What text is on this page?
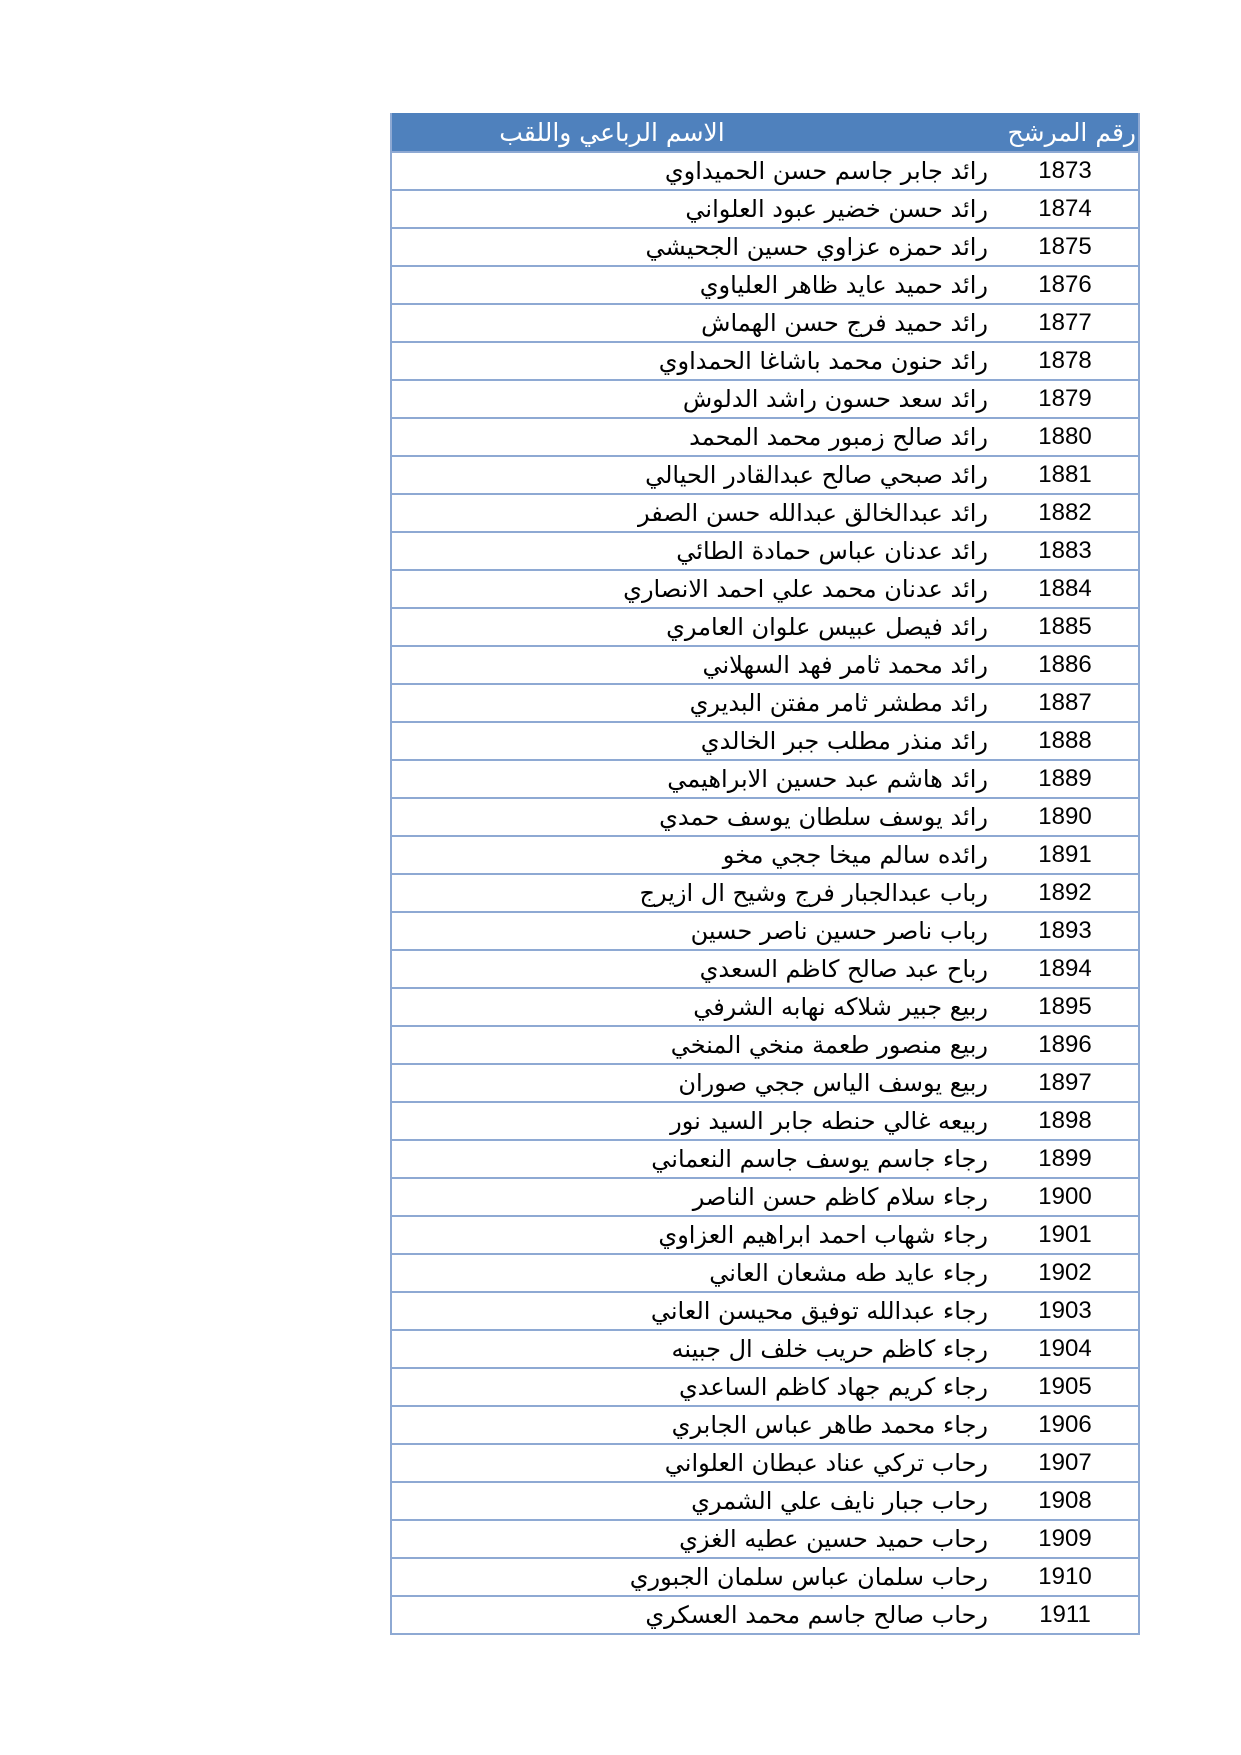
الاسم الرباعي واللقب	رقم المرشح
رائد جابر جاسم حسن الحميداوي	1873
رائد حسن خضير عبود العلواني	1874
رائد حمزه عزاوي حسين الجحيشي	1875
رائد حميد عايد ظاهر العلياوي	1876
رائد حميد فرج حسن الهماش	1877
رائد حنون محمد باشاغا الحمداوي	1878
رائد سعد حسون راشد الدلوش	1879
رائد صالح زمبور محمد المحمد	1880
رائد صبحي صالح عبدالقادر الحيالي	1881
رائد عبدالخالق عبدالله حسن الصفر	1882
رائد عدنان عباس حمادة الطائي	1883
رائد عدنان محمد علي احمد الانصاري	1884
رائد فيصل عبيس علوان العامري	1885
رائد محمد ثامر فهد السهلاني	1886
رائد مطشر ثامر مفتن البديري	1887
رائد منذر مطلب جبر الخالدي	1888
رائد هاشم عبد حسين الابراهيمي	1889
رائد يوسف سلطان يوسف حمدي	1890
رائده سالم ميخا ججي مخو	1891
رباب عبدالجبار فرج وشيح ال ازيرج	1892
رباب ناصر حسين ناصر حسين	1893
رباح عبد صالح كاظم السعدي	1894
ربيع جبير شلاكه نهابه الشرفي	1895
ربيع منصور طعمة منخي المنخي	1896
ربيع يوسف الياس ججي صوران	1897
ربيعه غالي حنطه جابر السيد نور	1898
رجاء جاسم يوسف جاسم النعماني	1899
رجاء سلام كاظم حسن الناصر	1900
رجاء شهاب احمد ابراهيم العزاوي	1901
رجاء عايد طه مشعان العاني	1902
رجاء عبدالله توفيق محيسن العاني	1903
رجاء كاظم حريب خلف ال جبينه	1904
رجاء كريم جهاد كاظم الساعدي	1905
رجاء محمد طاهر عباس الجابري	1906
رحاب تركي عناد عبطان العلواني	1907
رحاب جبار نايف علي الشمري	1908
رحاب حميد حسين عطيه الغزي	1909
رحاب سلمان عباس سلمان الجبوري	1910
رحاب صالح جاسم محمد العسكري	1911
